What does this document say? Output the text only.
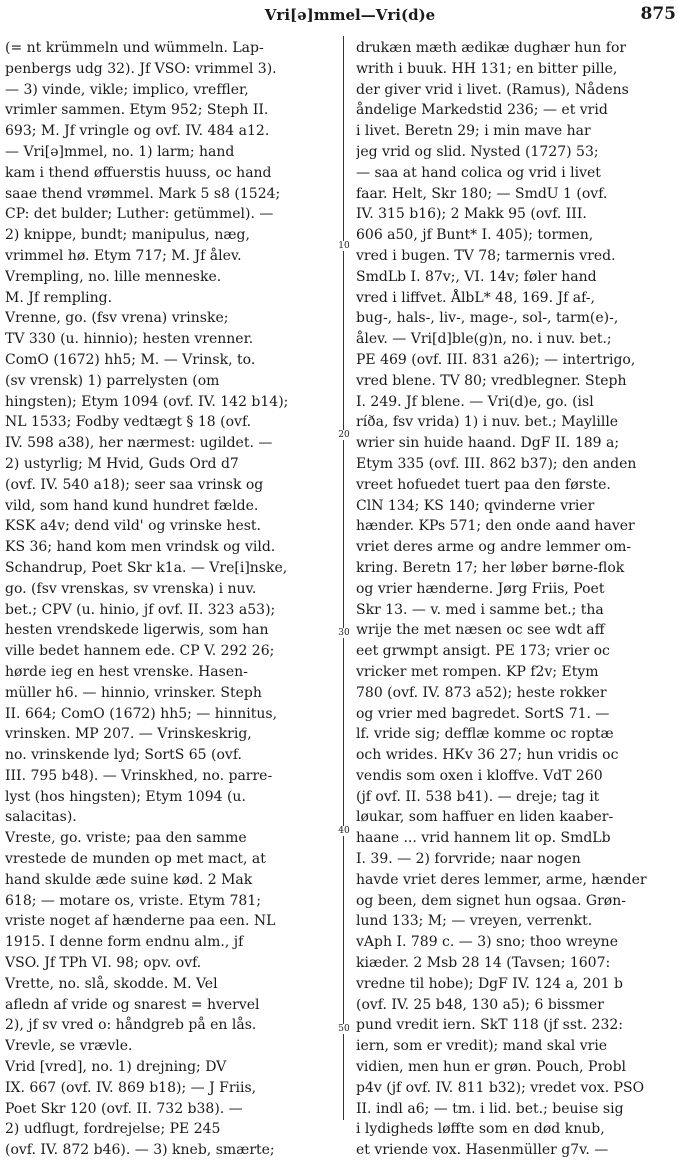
Vri[ə]mmel—Vri(d)e	875
(= nt krümmeln und wümmeln. Lap-
penbergs udg 32). Jf VSO: vrimmel 3).
— 3) vinde, vikle; implico, vreffler,
vrimler sammen. Etym 952; Steph II.
693; M. Jf vringle og ovf. IV. 484 a12.
— Vri[ə]mmel, no. 1) larm; hand
kam i thend øffuerstis huuss, oc hand
saae thend vrømmel. Mark 5 s8 (1524;
CP: det bulder; Luther: getümmel). —
2) knippe, bundt; manipulus, næg,
vrimmel hø. Etym 717; M. Jf ålev.
Vrempling, no. lille menneske.
M. Jf rempling.
Vrenne, go. (fsv vrena) vrinske;
TV 330 (u. hinnio); hesten vrenner.
ComO (1672) hh5; M. — Vrinsk, to.
(sv vrensk) 1) parrelysten (om
hingsten); Etym 1094 (ovf. IV. 142 b14);
NL 1533; Fodby vedtægt § 18 (ovf.
IV. 598 a38), her nærmest: ugildet. —
2) ustyrlig; M Hvid, Guds Ord d7
(ovf. IV. 540 a18); seer saa vrinsk og
vild, som hand kund hundret fælde.
KSK a4v; dend vild' og vrinske hest.
KS 36; hand kom men vrindsk og vild.
Schandrup, Poet Skr k1a. — Vre[i]nske,
go. (fsv vrenskas, sv vrenska) i nuv.
bet.; CPV (u. hinio, jf ovf. II. 323 a53);
hesten vrendskede ligerwis, som han
ville bedet hannem ede. CP V. 292 26;
hørde ieg en hest vrenske. Hasen-
müller h6. — hinnio, vrinsker. Steph
II. 664; ComO (1672) hh5; — hinnitus,
vrinsken. MP 207. — Vrinskeskrig,
no. vrinskende lyd; SortS 65 (ovf.
III. 795 b48). — Vrinskhed, no. parre-
lyst (hos hingsten); Etym 1094 (u.
salacitas).
Vreste, go. vriste; paa den samme
vrestede de munden op met mact, at
hand skulde æde suine kød. 2 Mak
618; — motare os, vriste. Etym 781;
vriste noget af hænderne paa een. NL
1915. I denne form endnu alm., jf
VSO. Jf TPh VI. 98; opv. ovf.
Vrette, no. slå, skodde. M. Vel
afledn af vride og snarest = hvervel
2), jf sv vred o: håndgreb på en lås.
Vrevle, se vrævle.
Vrid [vred], no. 1) drejning; DV
IX. 667 (ovf. IV. 869 b18); — J Friis,
Poet Skr 120 (ovf. II. 732 b38). —
2) udflugt, fordrejelse; PE 245
(ovf. IV. 872 b46). — 3) kneb, smærte;
drukæn mæth ædikæ dughær hun for
writh i buuk. HH 131; en bitter pille,
der giver vrid i livet. (Ramus), Nådens
åndelige Markedstid 236; — et vrid
i livet. Beretn 29; i min mave har
jeg vrid og slid. Nysted (1727) 53;
— saa at hand colica og vrid i livet
faar. Helt, Skr 180; — SmdU 1 (ovf.
IV. 315 b16); 2 Makk 95 (ovf. III.
606 a50, jf Bunt* I. 405); tormen,
vred i bugen. TV 78; tarmernis vred.
SmdLb I. 87v;, VI. 14v; føler hand
vred i liffvet. ÅlbL* 48, 169. Jf af-,
bug-, hals-, liv-, mage-, sol-, tarm(e)-,
ålev. — Vri[d]ble(g)n, no. i nuv. bet.;
PE 469 (ovf. III. 831 a26); — intertrigo,
vred blene. TV 80; vredblegner. Steph
I. 249. Jf blene. — Vri(d)e, go. (isl
ríða, fsv vrida) 1) i nuv. bet.; Maylille
wrier sin huide haand. DgF II. 189 a;
Etym 335 (ovf. III. 862 b37); den anden
vreet hofuedet tuert paa den første.
ClN 134; KS 140; qvinderne vrier
hænder. KPs 571; den onde aand haver
vriet deres arme og andre lemmer om-
kring. Beretn 17; her løber børne-flok
og vrier hænderne. Jørg Friis, Poet
Skr 13. — v. med i samme bet.; tha
wrije the met næsen oc see wdt aff
eet grwmpt ansigt. PE 173; vrier oc
vricker met rompen. KP f2v; Etym
780 (ovf. IV. 873 a52); heste rokker
og vrier med bagredet. SortS 71. —
lf. vride sig; defflæ komme oc roptæ
och wrides. HKv 36 27; hun vridis oc
vendis som oxen i kloffve. VdT 260
(jf ovf. II. 538 b41). — dreje; tag it
løukar, som haffuer en liden kaaber-
haane ... vrid hannem lit op. SmdLb
I. 39. — 2) forvride; naar nogen
havde vriet deres lemmer, arme, hænder
og been, dem signet hun ogsaa. Grøn-
lund 133; M; — vreyen, verrenkt.
vAph I. 789 c. — 3) sno; thoo wreyne
kiæder. 2 Msb 28 14 (Tavsen; 1607:
vredne til hobe); DgF IV. 124 a, 201 b
(ovf. IV. 25 b48, 130 a5); 6 bissmer
pund vredit iern. SkT 118 (jf sst. 232:
iern, som er vredit); mand skal vrie
vidien, men hun er grøn. Pouch, Probl
p4v (jf ovf. IV. 811 b32); vredet vox. PSO
II. indl a6; — tm. i lid. bet.; beuise sig
i lydigheds løffte som en død knub,
et vriende vox. Hasenmüller g7v. —
10
20
30
40
50
